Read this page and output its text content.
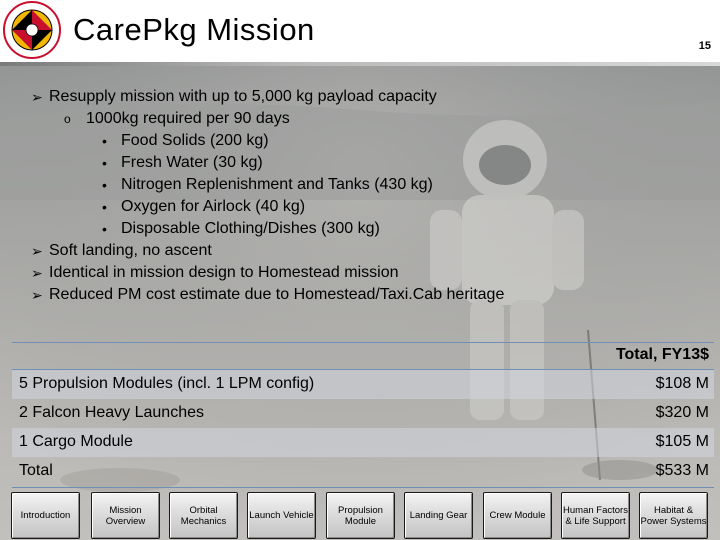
CarePkg Mission	15
➢ Resupply mission with up to 5,000 kg payload capacity
o 1000kg required per 90 days
• Food Solids (200 kg)
• Fresh Water (30 kg)
• Nitrogen Replenishment and Tanks (430 kg)
• Oxygen for Airlock (40 kg)
• Disposable Clothing/Dishes (300 kg)
➢ Soft landing, no ascent
➢ Identical in mission design to Homestead mission
➢ Reduced PM cost estimate due to Homestead/Taxi.Cab heritage
Total, FY13$
5 Propulsion Modules (incl. 1 LPM config)	$108 M
2 Falcon Heavy Launches	$320 M
1 Cargo Module	$105 M
Total	$533 M
Introduction	Mission Overview
Orbital Mechanics	Launch Vehicle	Propulsion Module	Landing Gear	Crew Module	Human Factors & Life Support
Habitat & Power Systems
